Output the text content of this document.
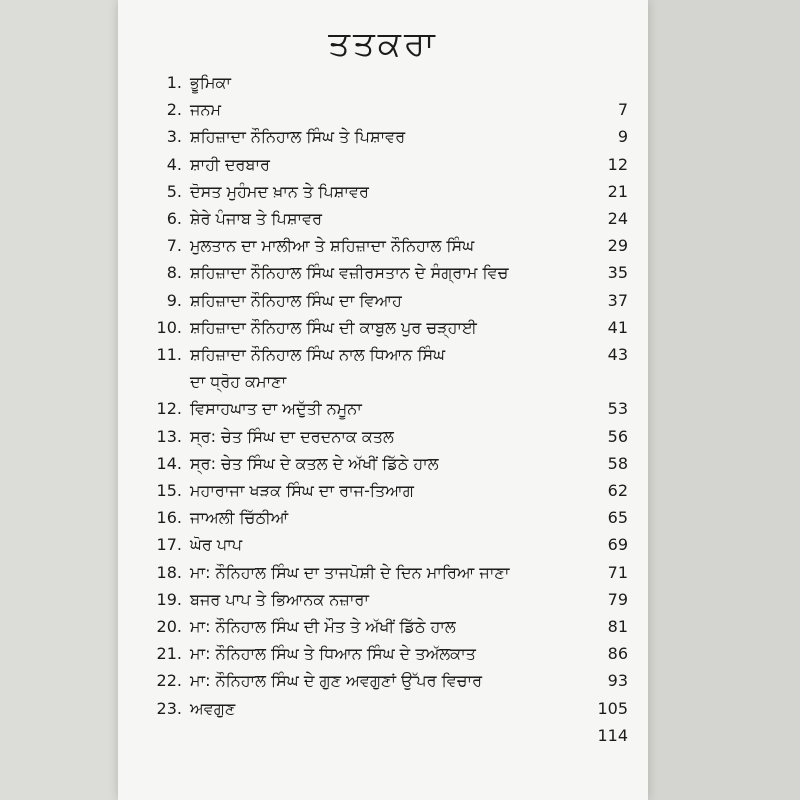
ਤਤਕਰਾ
1. ਭੂਮਿਕਾ
2. ਜਨਮ	7
3. ਸ਼ਹਿਜ਼ਾਦਾ ਨੌਨਿਹਾਲ ਸਿੰਘ ਤੇ ਪਿਸ਼ਾਵਰ	9
4. ਸ਼ਾਹੀ ਦਰਬਾਰ	12
5. ਦੋਸਤ ਮੁਹੰਮਦ ਖ਼ਾਨ ਤੇ ਪਿਸ਼ਾਵਰ	21
6. ਸ਼ੇਰੇ ਪੰਜਾਬ ਤੇ ਪਿਸ਼ਾਵਰ	24
7. ਮੁਲਤਾਨ ਦਾ ਮਾਲੀਆ ਤੇ ਸ਼ਹਿਜ਼ਾਦਾ ਨੌਨਿਹਾਲ ਸਿੰਘ	29
8. ਸ਼ਹਿਜ਼ਾਦਾ ਨੌਨਿਹਾਲ ਸਿੰਘ ਵਜ਼ੀਰਸਤਾਨ ਦੇ ਸੰਗ੍ਰਾਮ ਵਿਚ	35
9. ਸ਼ਹਿਜ਼ਾਦਾ ਨੌਨਿਹਾਲ ਸਿੰਘ ਦਾ ਵਿਆਹ	37
10. ਸ਼ਹਿਜ਼ਾਦਾ ਨੌਨਿਹਾਲ ਸਿੰਘ ਦੀ ਕਾਬੁਲ ਪੁਰ ਚੜ੍ਹਾਈ	41
11. ਸ਼ਹਿਜ਼ਾਦਾ ਨੌਨਿਹਾਲ ਸਿੰਘ ਨਾਲ ਧਿਆਨ ਸਿੰਘ	43
ਦਾ ਧ੍ਰੋਹ ਕਮਾਣਾ
12. ਵਿਸਾਹਘਾਤ ਦਾ ਅਦੁੱਤੀ ਨਮੂਨਾ	53
13. ਸ੍ਰ: ਚੇਤ ਸਿੰਘ ਦਾ ਦਰਦਨਾਕ ਕਤਲ	56
14. ਸ੍ਰ: ਚੇਤ ਸਿੰਘ ਦੇ ਕਤਲ ਦੇ ਅੱਖੀਂ ਡਿੱਠੇ ਹਾਲ	58
15. ਮਹਾਰਾਜਾ ਖੜਕ ਸਿੰਘ ਦਾ ਰਾਜ-ਤਿਆਗ	62
16. ਜਾਅਲੀ ਚਿੱਠੀਆਂ	65
17. ਘੋਰ ਪਾਪ	69
18. ਮਾ: ਨੌਨਿਹਾਲ ਸਿੰਘ ਦਾ ਤਾਜਪੋਸ਼ੀ ਦੇ ਦਿਨ ਮਾਰਿਆ ਜਾਣਾ	71
19. ਬਜਰ ਪਾਪ ਤੇ ਭਿਆਨਕ ਨਜ਼ਾਰਾ	79
20. ਮਾ: ਨੌਨਿਹਾਲ ਸਿੰਘ ਦੀ ਮੌਤ ਤੇ ਅੱਖੀਂ ਡਿੱਠੇ ਹਾਲ	81
21. ਮਾ: ਨੌਨਿਹਾਲ ਸਿੰਘ ਤੇ ਧਿਆਨ ਸਿੰਘ ਦੇ ਤਅੱਲਕਾਤ	86
22. ਮਾ: ਨੌਨਿਹਾਲ ਸਿੰਘ ਦੇ ਗੁਣ ਅਵਗੁਣਾਂ ਉੱਪਰ ਵਿਚਾਰ	93
23. ਅਵਗੁਣ	105
114
